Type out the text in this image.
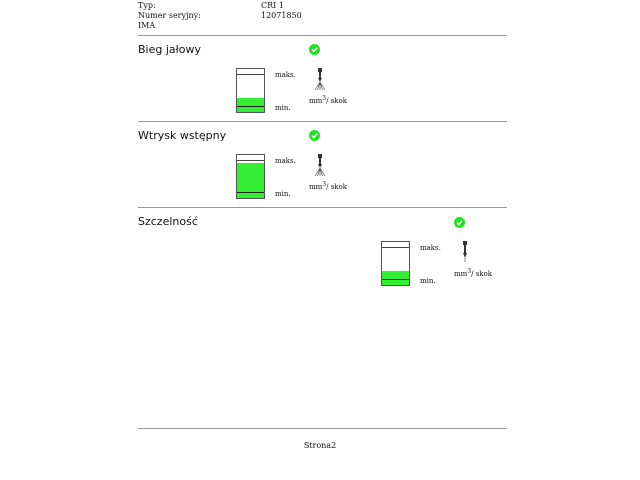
Typ:	CRI 1
Numer seryjny:	12071850
IMA
Bieg jałowy
maks.
min.
$mm^3/$ skok
Wtrysk wstępny
maks.
min.
$mm^3/$ skok
Szczelność
maks.
min.
$mm^3/$ skok
Strona2
